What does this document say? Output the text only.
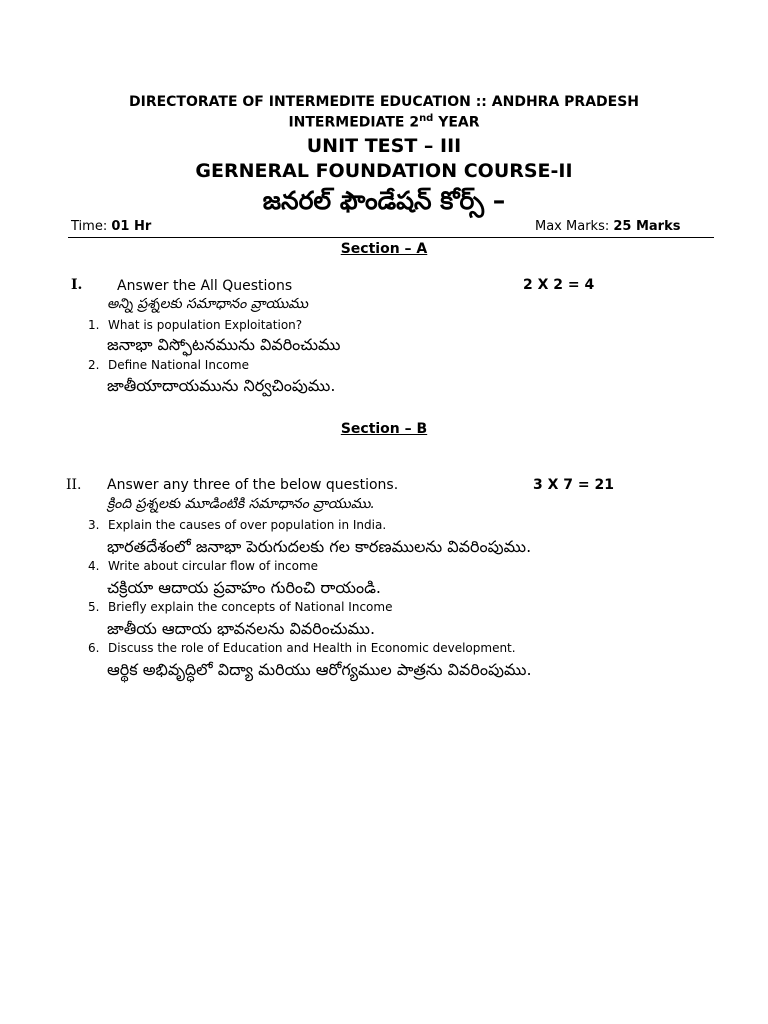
DIRECTORATE OF INTERMEDITE EDUCATION :: ANDHRA PRADESH
INTERMEDIATE 2nd YEAR
UNIT TEST – III
GERNERAL FOUNDATION COURSE-II
జనరల్ ఫౌండేషన్ కోర్స్ –
Time: 01 Hr	Max Marks: 25 Marks
Section – A
I. Answer the All Questions	2 X 2 = 4
అన్ని ప్రశ్నలకు సమాధానం వ్రాయుము
1. What is population Exploitation?
జనాభా విస్ఫోటనమును వివరించుము
2. Define National Income
జాతీయాదాయమును నిర్వచింపుము.
Section – B
II. Answer any three of the below questions.	3 X 7 = 21
క్రింది ప్రశ్నలకు మూడింటికి సమాధానం వ్రాయుము.
3. Explain the causes of over population in India.
భారతదేశంలో జనాభా పెరుగుదలకు గల కారణములను వివరింపుము.
4. Write about circular flow of income
చక్రియా ఆదాయ ప్రవాహం గురించి రాయండి.
5. Briefly explain the concepts of National Income
జాతీయ ఆదాయ భావనలను వివరించుము.
6. Discuss the role of Education and Health in Economic development.
ఆర్థిక అభివృద్ధిలో విద్యా మరియు ఆరోగ్యముల పాత్రను వివరింపుము.
